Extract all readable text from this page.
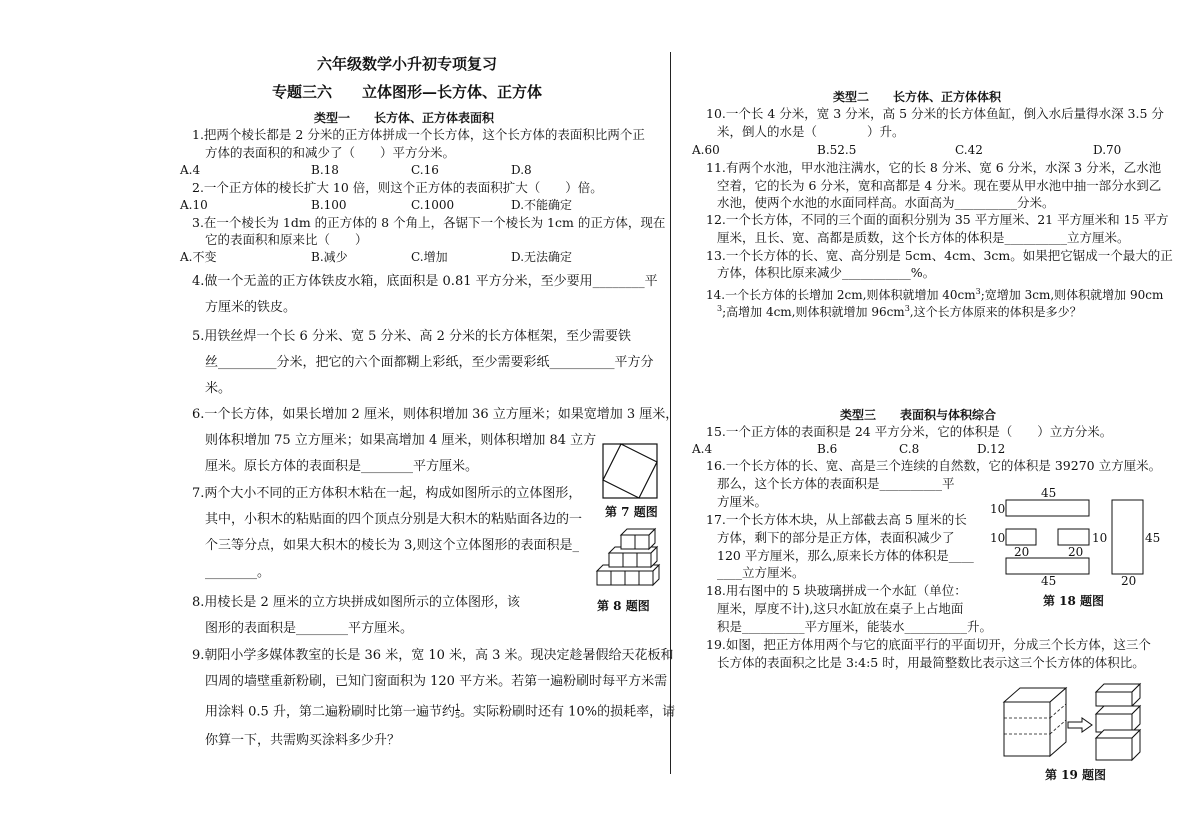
六年级数学小升初专项复习
专题三六　　立体图形—长方体、正方体
类型一　　长方体、正方体表面积
1.把两个棱长都是 2 分米的正方体拼成一个长方体，这个长方体的表面积比两个正
方体的表面积的和减少了（　　）平方分米。
A.4	B.18	C.16	D.8
2.一个正方体的棱长扩大 10 倍，则这个正方体的表面积扩大（　　）倍。
A.10	B.100	C.1000	D.不能确定
3.在一个棱长为 1dm 的正方体的 8 个角上，各锯下一个棱长为 1cm 的正方体，现在
它的表面积和原来比（　　）
A.不变	B.减少	C.增加	D.无法确定
4.做一个无盖的正方体铁皮水箱，底面积是 0.81 平方分米，至少要用________平
方厘米的铁皮。
5.用铁丝焊一个长 6 分米、宽 5 分米、高 2 分米的长方体框架，至少需要铁
丝_________分米，把它的六个面都糊上彩纸，至少需要彩纸__________平方分
米。
6.一个长方体，如果长增加 2 厘米，则体积增加 36 立方厘米；如果宽增加 3 厘米，
则体积增加 75 立方厘米；如果高增加 4 厘米，则体积增加 84 立方
厘米。原长方体的表面积是________平方厘米。
7.两个大小不同的正方体积木粘在一起，构成如图所示的立体图形，
其中，小积木的粘贴面的四个顶点分别是大积木的粘贴面各边的一
个三等分点，如果大积木的棱长为 3,则这个立体图形的表面积是_
________。
第 7 题图
第 8 题图
8.用棱长是 2 厘米的立方块拼成如图所示的立体图形，该
图形的表面积是________平方厘米。
9.朝阳小学多媒体教室的长是 36 米，宽 10 米，高 3 米。现决定趁暑假给天花板和
四周的墙壁重新粉刷，已知门窗面积为 120 平方米。若第一遍粉刷时每平方米需
用涂料 0.5 升，第二遍粉刷时比第一遍节约$\frac{1}{5}$。实际粉刷时还有 10%的损耗率，请
你算一下，共需购买涂料多少升？
类型二　　长方体、正方体体积
10.一个长 4 分米，宽 3 分米，高 5 分米的长方体鱼缸，倒入水后量得水深 3.5 分
米，倒人的水是（　　　　）升。
A.60	B.52.5	C.42	D.70
11.有两个水池，甲水池注满水，它的长 8 分米、宽 6 分米，水深 3 分米，乙水池
空着，它的长为 6 分米，宽和高都是 4 分米。现在要从甲水池中抽一部分水到乙
水池，使两个水池的水面同样高。水面高为__________分米。
12.一个长方体，不同的三个面的面积分别为 35 平方厘米、21 平方厘米和 15 平方
厘米，且长、宽、高都是质数，这个长方体的体积是__________立方厘米。
13.一个长方体的长、宽、高分别是 5cm、4cm、3cm。如果把它锯成一个最大的正
方体，体积比原来减少___________%。
14.一个长方体的长增加 2cm,则体积就增加 $40cm^3$;宽增加 3cm,则体积就增加 90cm
$^3$;高增加 4cm,则体积就增加 $96cm^3$,这个长方体原来的体积是多少？
类型三　　表面积与体积综合
15.一个正方体的表面积是 24 平方分米，它的体积是（　　）立方分米。
A.4	B.6	C.8	D.12
16.一个长方体的长、宽、高是三个连续的自然数，它的体积是 39270 立方厘米。
那么，这个长方体的表面积是__________平
方厘米。
17.一个长方体木块，从上部截去高 5 厘米的长
方体，剩下的部分是正方体，表面积减少了
120 平方厘米，那么,原来长方体的体积是____
____立方厘米。
18.用右图中的 5 块玻璃拼成一个水缸（单位：
厘米，厚度不计),这只水缸放在桌子上占地面
积是__________平方厘米，能装水__________升。
45
10
10	10
20	20
45
45
20
第 18 题图
19.如图，把正方体用两个与它的底面平行的平面切开，分成三个长方体，这三个
长方体的表面积之比是 3:4:5 时，用最简整数比表示这三个长方体的体积比。
第 19 题图
